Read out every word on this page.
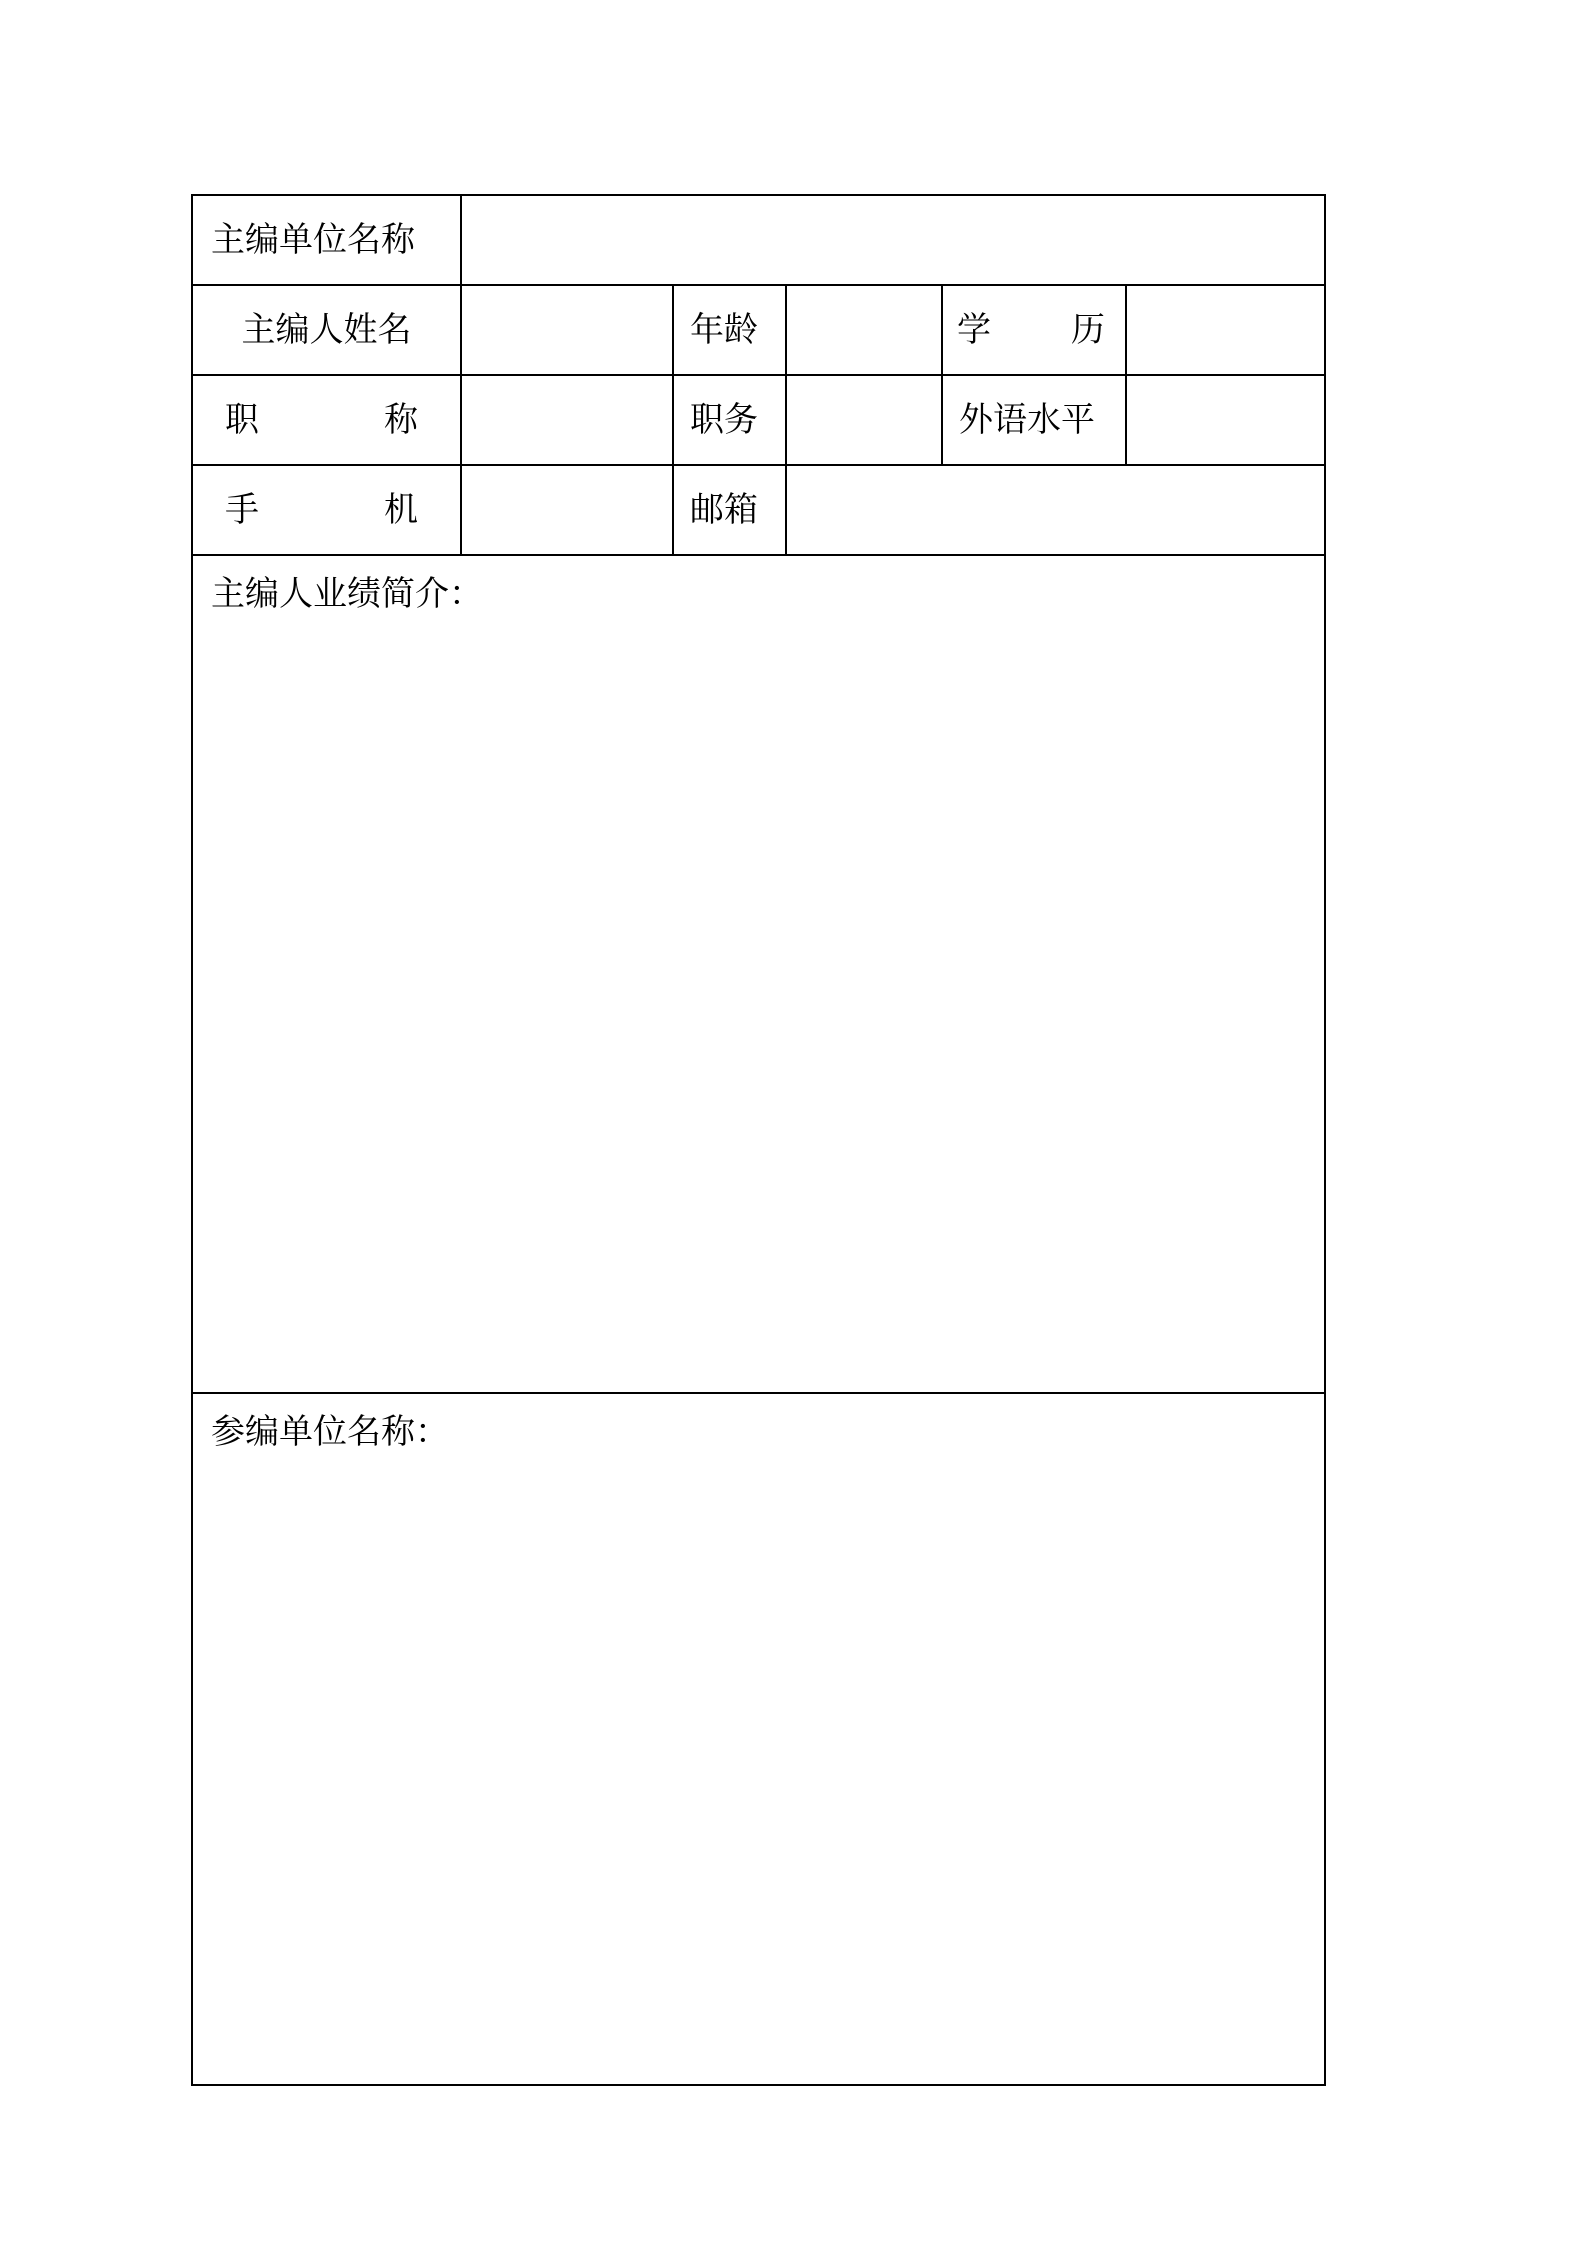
主编单位名称					
主编人姓名		年龄		学 历	

职 称		职务		外语水平	

手 机		邮箱			
主编人业绩简介：					
参编单位名称：					
